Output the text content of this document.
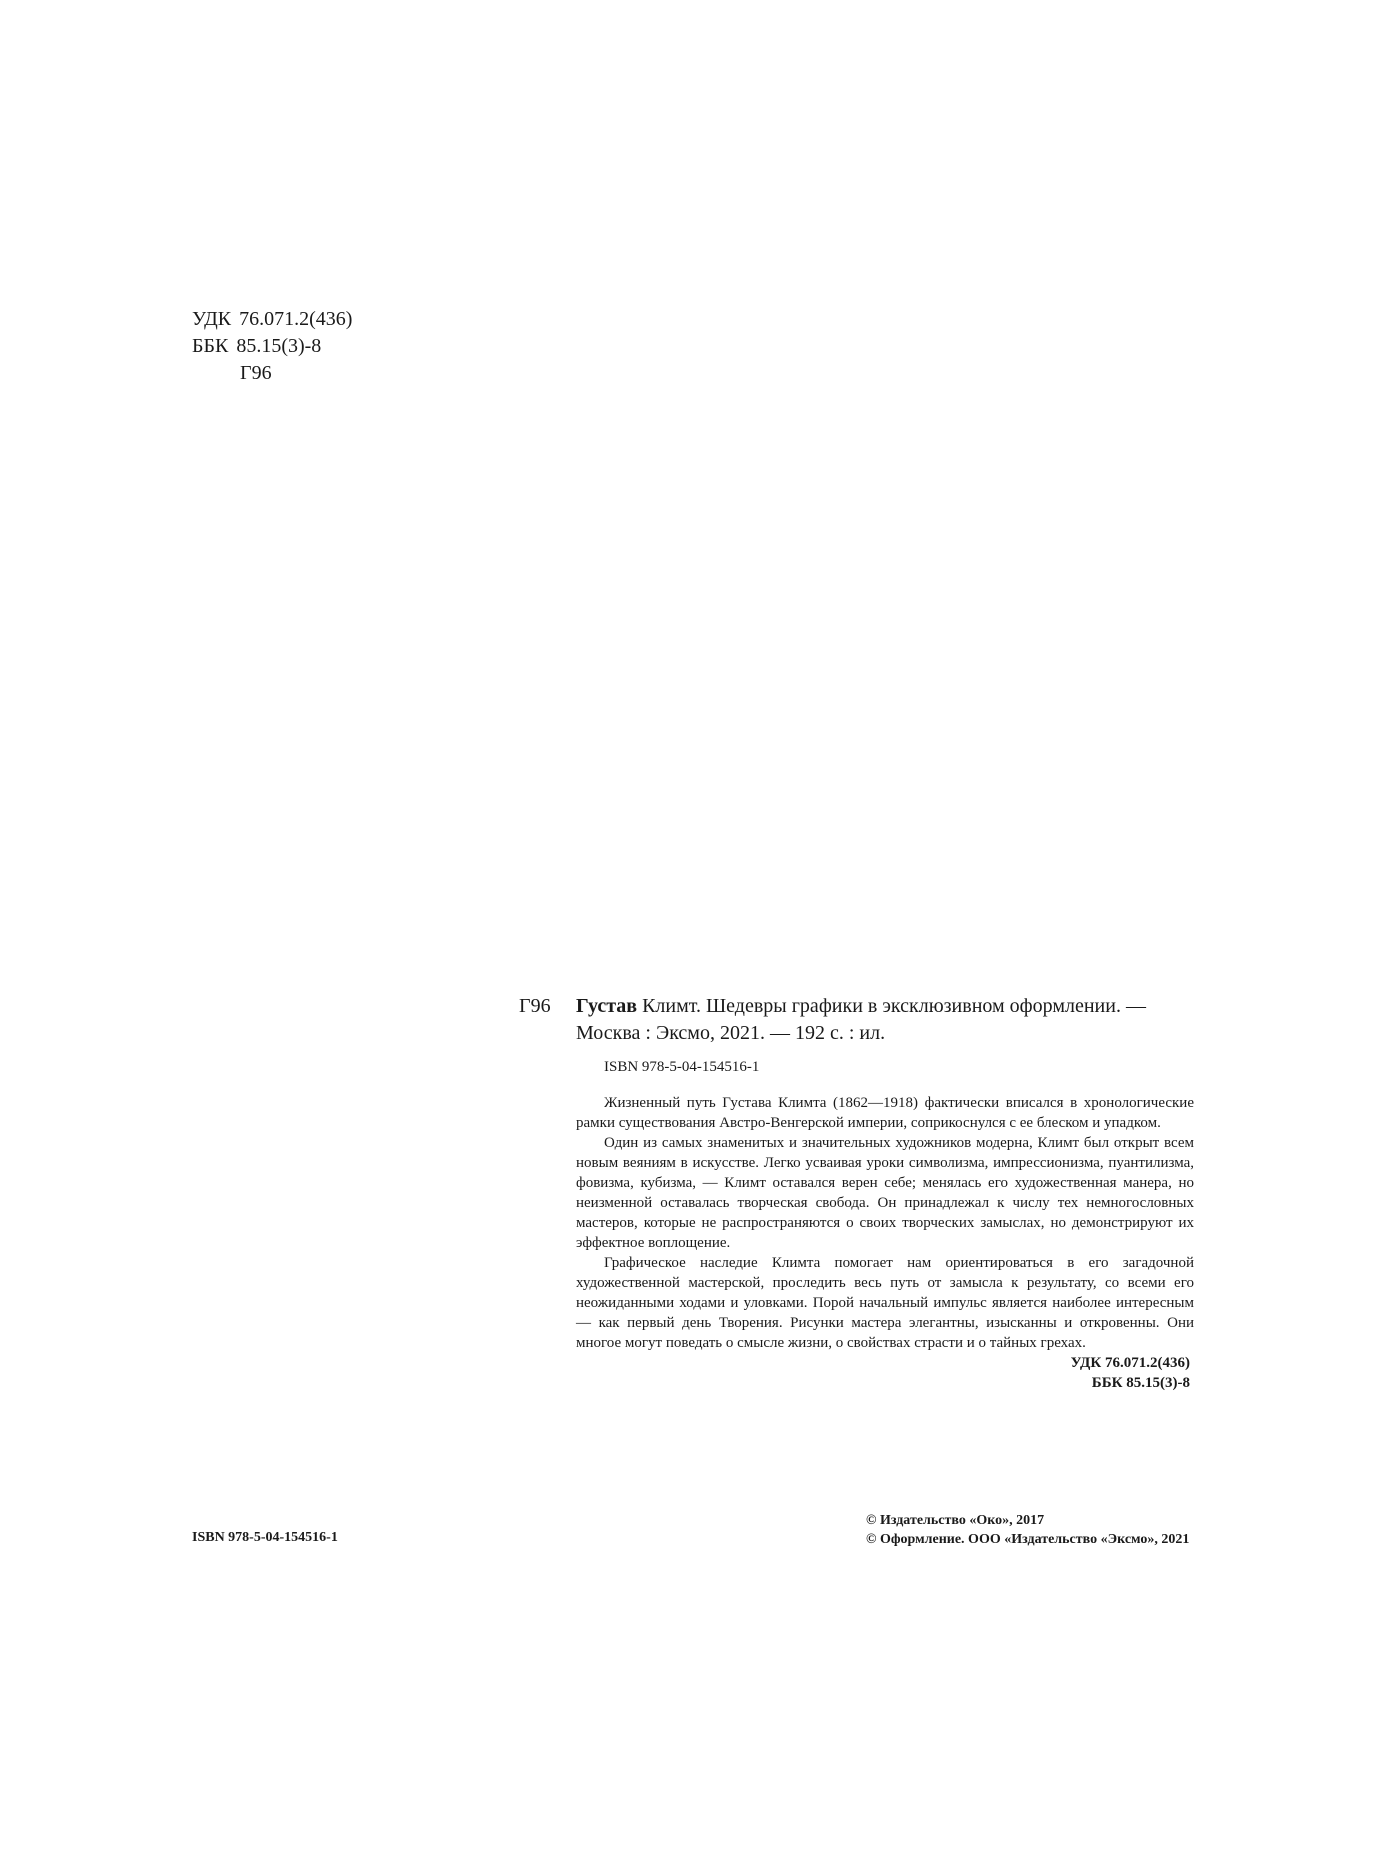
УДК 76.071.2(436)
ББК 85.15(3)-8
Г96
Г96 Густав Климт. Шедевры графики в эксклюзивном оформлении. —
Москва : Эксмо, 2021. — 192 с. : ил.
ISBN 978-5-04-154516-1

Жизненный путь Густава Климта (1862—1918) фактически вписался в хронологические рамки существования Австро-Венгерской империи, соприкоснулся с ее блеском и упадком.

Один из самых знаменитых и значительных художников модерна, Климт был открыт всем новым веяниям в искусстве. Легко усваивая уроки символизма, импрессионизма, пуантилизма, фовизма, кубизма, — Климт оставался верен себе; менялась его художественная манера, но неизменной оставалась творческая свобода. Он принадлежал к числу тех немногословных мастеров, которые не распространяются о своих творческих замыслах, но демонстрируют их эффектное воплощение.

Графическое наследие Климта помогает нам ориентироваться в его загадочной художественной мастерской, проследить весь путь от замысла к результату, со всеми его неожиданными ходами и уловками. Порой начальный импульс является наиболее интересным — как первый день Творения. Рисунки мастера элегантны, изысканны и откровенны. Они многое могут поведать о смысле жизни, о свойствах страсти и о тайных грехах.

УДК 76.071.2(436)
ББК 85.15(3)-8
ISBN 978-5-04-154516-1
© Издательство «Око», 2017
© Оформление. ООО «Издательство «Эксмо», 2021
